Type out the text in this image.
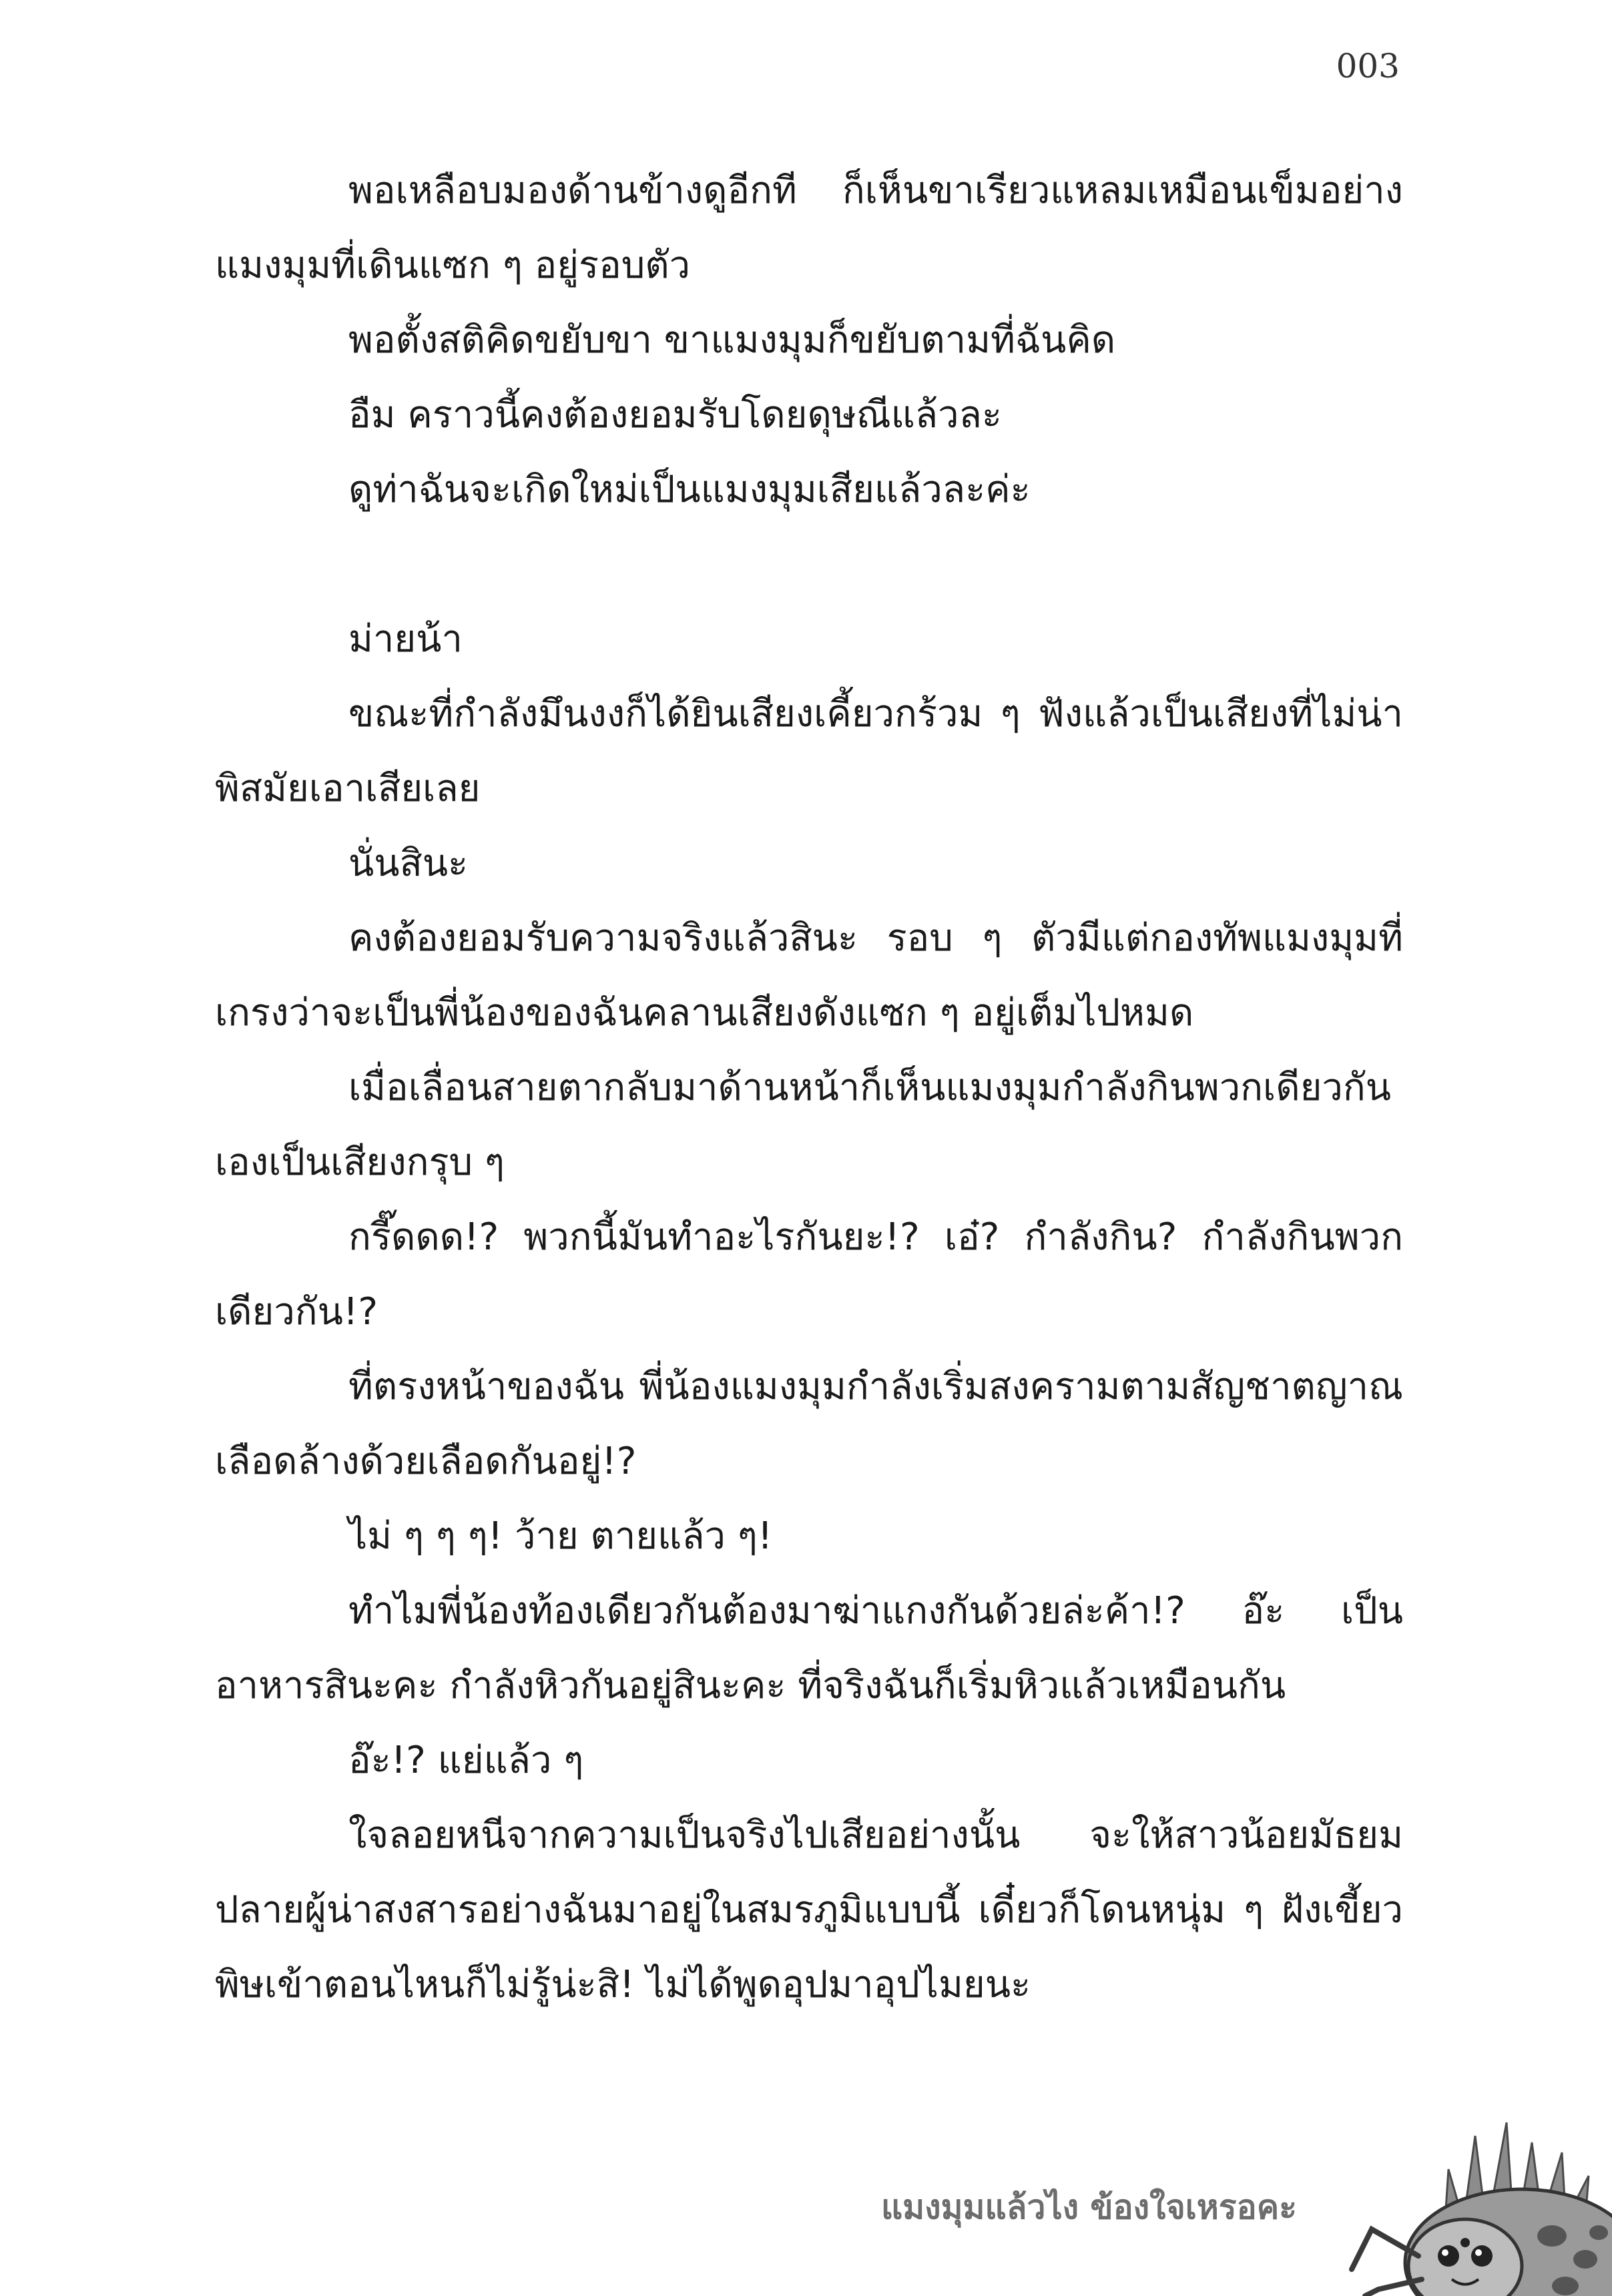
003

พอเหลือบมองด้านข้างดูอีกที ก็เห็นขาเรียวแหลมเหมือนเข็มอย่างแมงมุมที่เดินแซก ๆ อยู่รอบตัว

พอตั้งสติคิดขยับขา ขาแมงมุมก็ขยับตามที่ฉันคิด

อืม คราวนี้คงต้องยอมรับโดยดุษณีแล้วละ

ดูท่าฉันจะเกิดใหม่เป็นแมงมุมเสียแล้วละค่ะ

ม่ายน้า

ขณะที่กำลังมึนงงก็ได้ยินเสียงเคี้ยวกร้วม ๆ ฟังแล้วเป็นเสียงที่ไม่น่าพิสมัยเอาเสียเลย

นั่นสินะ

คงต้องยอมรับความจริงแล้วสินะ รอบ ๆ ตัวมีแต่กองทัพแมงมุมที่เกรงว่าจะเป็นพี่น้องของฉันคลานเสียงดังแซก ๆ อยู่เต็มไปหมด

เมื่อเลื่อนสายตากลับมาด้านหน้าก็เห็นแมงมุมกำลังกินพวกเดียวกันเองเป็นเสียงกรุบ ๆ

กรี๊ดดด!? พวกนี้มันทำอะไรกันยะ!? เอ๋? กำลังกิน? กำลังกินพวกเดียวกัน!?

ที่ตรงหน้าของฉัน พี่น้องแมงมุมกำลังเริ่มสงครามตามสัญชาตญาณเลือดล้างด้วยเลือดกันอยู่!?

ไม่ ๆ ๆ ๆ! ว้าย ตายแล้ว ๆ!

ทำไมพี่น้องท้องเดียวกันต้องมาฆ่าแกงกันด้วยล่ะค้า!? อ๊ะ เป็นอาหารสินะคะ กำลังหิวกันอยู่สินะคะ ที่จริงฉันก็เริ่มหิวแล้วเหมือนกัน

อ๊ะ!? แย่แล้ว ๆ

ใจลอยหนีจากความเป็นจริงไปเสียอย่างนั้น จะให้สาวน้อยมัธยมปลายผู้น่าสงสารอย่างฉันมาอยู่ในสมรภูมิแบบนี้ เดี๋ยวก็โดนหนุ่ม ๆ ฝังเขี้ยวพิษเข้าตอนไหนก็ไม่รู้น่ะสิ! ไม่ได้พูดอุปมาอุปไมยนะ

แมงมุมแล้วไง ข้องใจเหรอคะ
